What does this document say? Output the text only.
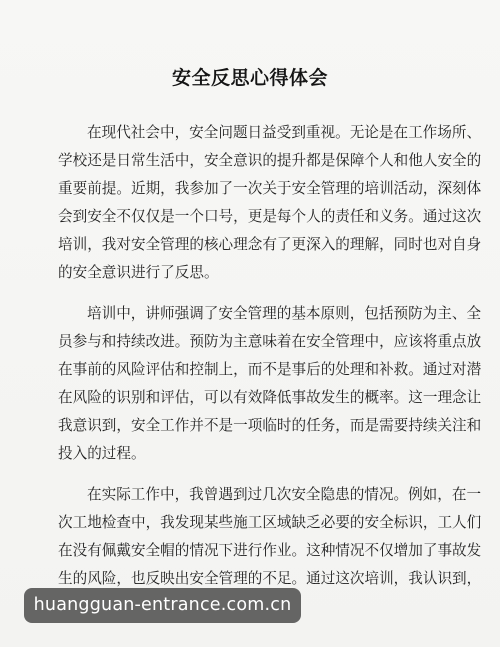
安全反思心得体会
在现代社会中，安全问题日益受到重视。无论是在工作场所、
学校还是日常生活中，安全意识的提升都是保障个人和他人安全的
重要前提。近期，我参加了一次关于安全管理的培训活动，深刻体
会到安全不仅仅是一个口号，更是每个人的责任和义务。通过这次
培训，我对安全管理的核心理念有了更深入的理解，同时也对自身
的安全意识进行了反思。
培训中，讲师强调了安全管理的基本原则，包括预防为主、全
员参与和持续改进。预防为主意味着在安全管理中，应该将重点放
在事前的风险评估和控制上，而不是事后的处理和补救。通过对潜
在风险的识别和评估，可以有效降低事故发生的概率。这一理念让
我意识到，安全工作并不是一项临时的任务，而是需要持续关注和
投入的过程。
在实际工作中，我曾遇到过几次安全隐患的情况。例如，在一
次工地检查中，我发现某些施工区域缺乏必要的安全标识，工人们
在没有佩戴安全帽的情况下进行作业。这种情况不仅增加了事故发
生的风险，也反映出安全管理的不足。通过这次培训，我认识到，
huangguan-entrance.com.cn
